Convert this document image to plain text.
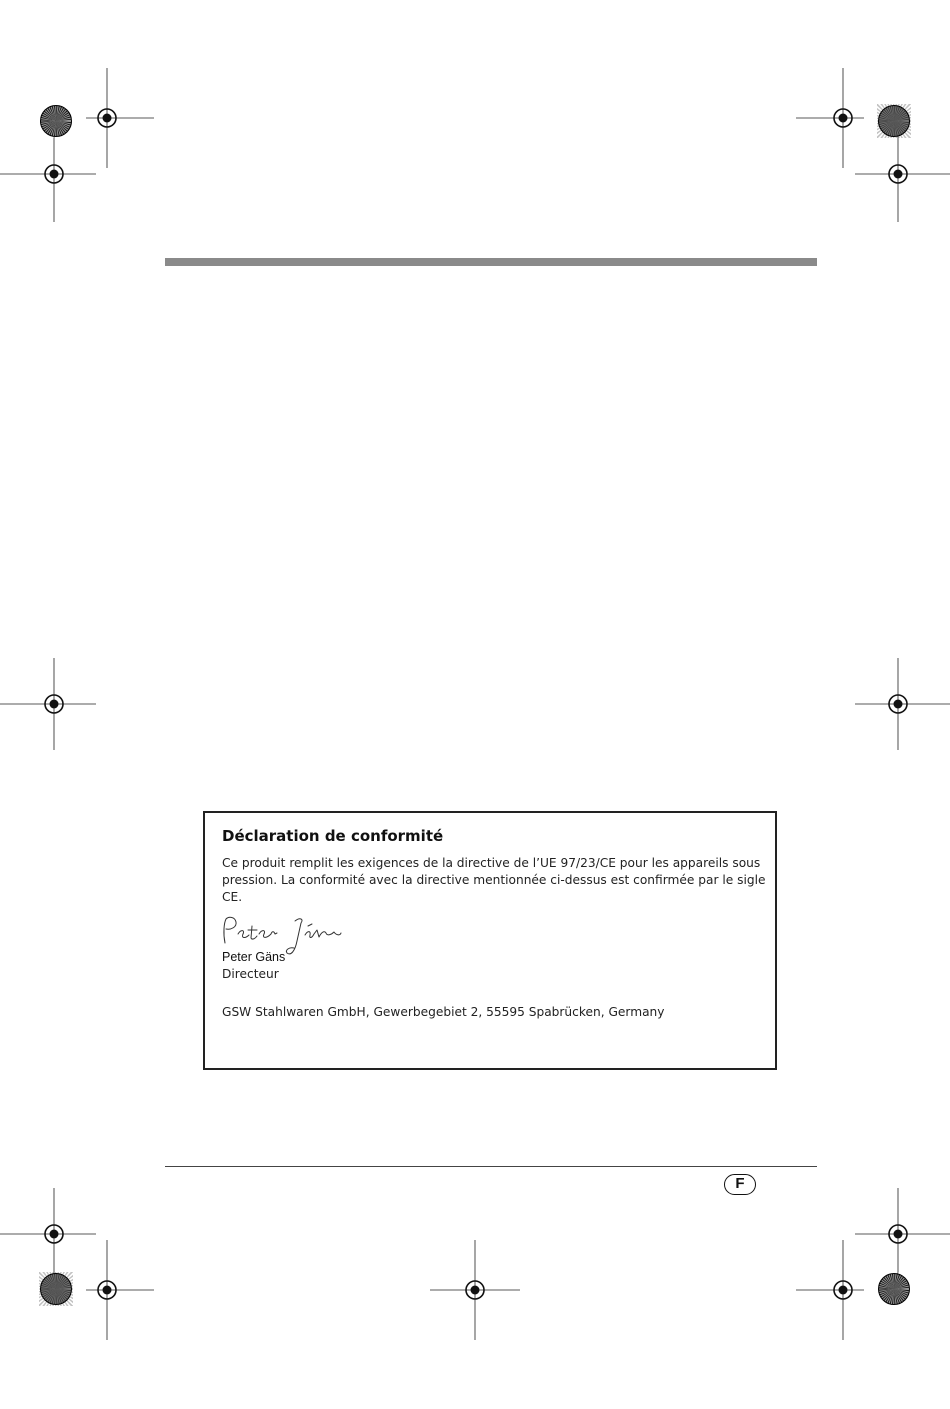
Déclaration de conformité

Ce produit remplit les exigences de la directive de l’UE 97/23/CE pour les appareils sous pression. La conformité avec la directive mentionnée ci-dessus est confirmée par le sigle CE.

Peter Gäns
Directeur
GSW Stahlwaren GmbH, Gewerbegebiet 2, 55595 Spabrücken, Germany
F
